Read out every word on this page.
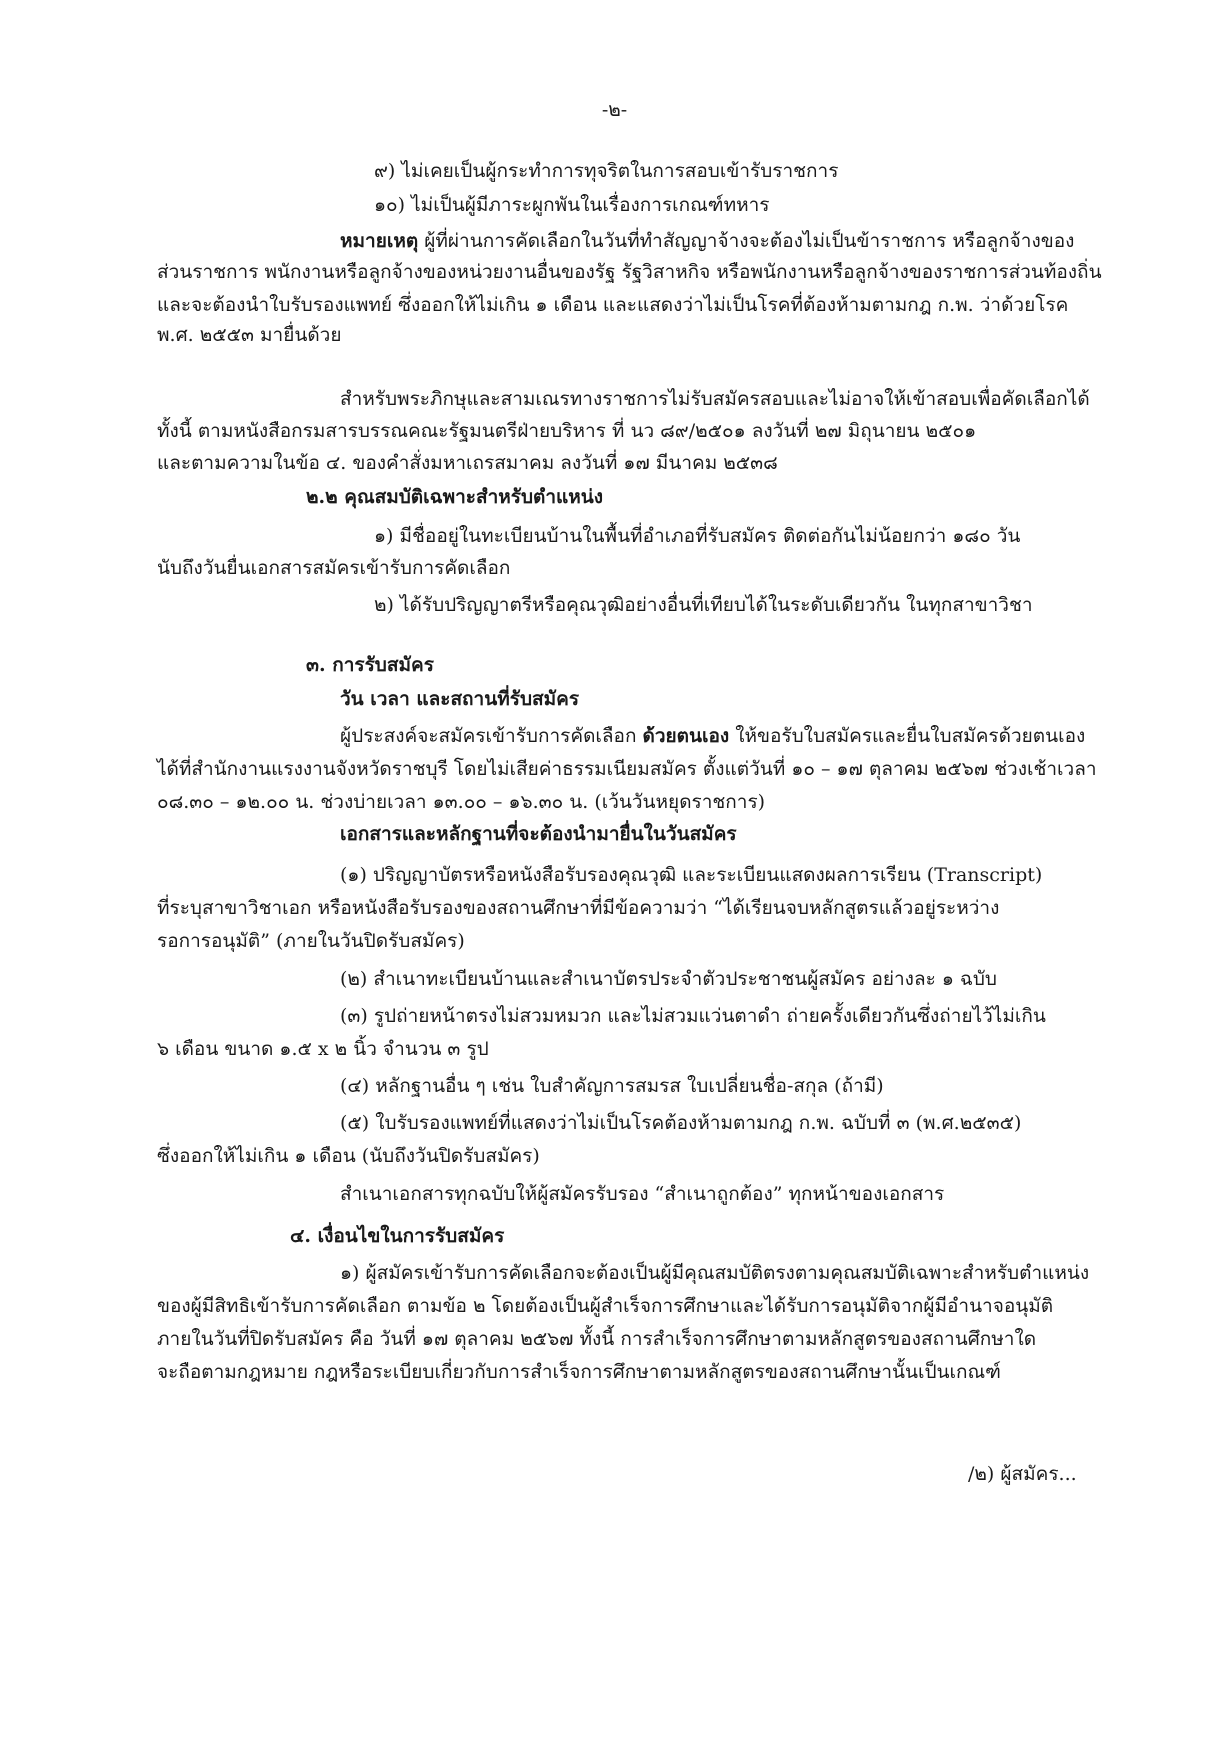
-๒-

๙) ไม่เคยเป็นผู้กระทำการทุจริตในการสอบเข้ารับราชการ

๑๐) ไม่เป็นผู้มีภาระผูกพันในเรื่องการเกณฑ์ทหาร

หมายเหตุ ผู้ที่ผ่านการคัดเลือกในวันที่ทำสัญญาจ้างจะต้องไม่เป็นข้าราชการ หรือลูกจ้างของ

ส่วนราชการ พนักงานหรือลูกจ้างของหน่วยงานอื่นของรัฐ รัฐวิสาหกิจ หรือพนักงานหรือลูกจ้างของราชการส่วนท้องถิ่น

และจะต้องนำใบรับรองแพทย์ ซึ่งออกให้ไม่เกิน ๑ เดือน และแสดงว่าไม่เป็นโรคที่ต้องห้ามตามกฎ ก.พ. ว่าด้วยโรค

พ.ศ. ๒๕๕๓ มายื่นด้วย

สำหรับพระภิกษุและสามเณรทางราชการไม่รับสมัครสอบและไม่อาจให้เข้าสอบเพื่อคัดเลือกได้

ทั้งนี้ ตามหนังสือกรมสารบรรณคณะรัฐมนตรีฝ่ายบริหาร ที่ นว ๘๙/๒๕๐๑ ลงวันที่ ๒๗ มิถุนายน ๒๕๐๑

และตามความในข้อ ๔. ของคำสั่งมหาเถรสมาคม ลงวันที่ ๑๗ มีนาคม ๒๕๓๘

๒.๒ คุณสมบัติเฉพาะสำหรับตำแหน่ง

๑) มีชื่ออยู่ในทะเบียนบ้านในพื้นที่อำเภอที่รับสมัคร ติดต่อกันไม่น้อยกว่า ๑๘๐ วัน

นับถึงวันยื่นเอกสารสมัครเข้ารับการคัดเลือก

๒) ได้รับปริญญาตรีหรือคุณวุฒิอย่างอื่นที่เทียบได้ในระดับเดียวกัน ในทุกสาขาวิชา

๓. การรับสมัคร

วัน เวลา และสถานที่รับสมัคร

ผู้ประสงค์จะสมัครเข้ารับการคัดเลือก ด้วยตนเอง ให้ขอรับใบสมัครและยื่นใบสมัครด้วยตนเอง

ได้ที่สำนักงานแรงงานจังหวัดราชบุรี โดยไม่เสียค่าธรรมเนียมสมัคร ตั้งแต่วันที่ ๑๐ – ๑๗ ตุลาคม ๒๕๖๗ ช่วงเช้าเวลา

๐๘.๓๐ – ๑๒.๐๐ น. ช่วงบ่ายเวลา ๑๓.๐๐ – ๑๖.๓๐ น. (เว้นวันหยุดราชการ)

เอกสารและหลักฐานที่จะต้องนำมายื่นในวันสมัคร

(๑) ปริญญาบัตรหรือหนังสือรับรองคุณวุฒิ และระเบียนแสดงผลการเรียน (Transcript)

ที่ระบุสาขาวิชาเอก หรือหนังสือรับรองของสถานศึกษาที่มีข้อความว่า “ได้เรียนจบหลักสูตรแล้วอยู่ระหว่าง

รอการอนุมัติ” (ภายในวันปิดรับสมัคร)

(๒) สำเนาทะเบียนบ้านและสำเนาบัตรประจำตัวประชาชนผู้สมัคร อย่างละ ๑ ฉบับ

(๓) รูปถ่ายหน้าตรงไม่สวมหมวก และไม่สวมแว่นตาดำ ถ่ายครั้งเดียวกันซึ่งถ่ายไว้ไม่เกิน

๖ เดือน ขนาด ๑.๕ x ๒ นิ้ว จำนวน ๓ รูป

(๔) หลักฐานอื่น ๆ เช่น ใบสำคัญการสมรส ใบเปลี่ยนชื่อ-สกุล (ถ้ามี)

(๕) ใบรับรองแพทย์ที่แสดงว่าไม่เป็นโรคต้องห้ามตามกฎ ก.พ. ฉบับที่ ๓ (พ.ศ.๒๕๓๕)

ซึ่งออกให้ไม่เกิน ๑ เดือน (นับถึงวันปิดรับสมัคร)

สำเนาเอกสารทุกฉบับให้ผู้สมัครรับรอง “สำเนาถูกต้อง” ทุกหน้าของเอกสาร

๔. เงื่อนไขในการรับสมัคร

๑) ผู้สมัครเข้ารับการคัดเลือกจะต้องเป็นผู้มีคุณสมบัติตรงตามคุณสมบัติเฉพาะสำหรับตำแหน่ง

ของผู้มีสิทธิเข้ารับการคัดเลือก ตามข้อ ๒ โดยต้องเป็นผู้สำเร็จการศึกษาและได้รับการอนุมัติจากผู้มีอำนาจอนุมัติ

ภายในวันที่ปิดรับสมัคร คือ วันที่ ๑๗ ตุลาคม ๒๕๖๗ ทั้งนี้ การสำเร็จการศึกษาตามหลักสูตรของสถานศึกษาใด

จะถือตามกฎหมาย กฎหรือระเบียบเกี่ยวกับการสำเร็จการศึกษาตามหลักสูตรของสถานศึกษานั้นเป็นเกณฑ์

/๒) ผู้สมัคร...
